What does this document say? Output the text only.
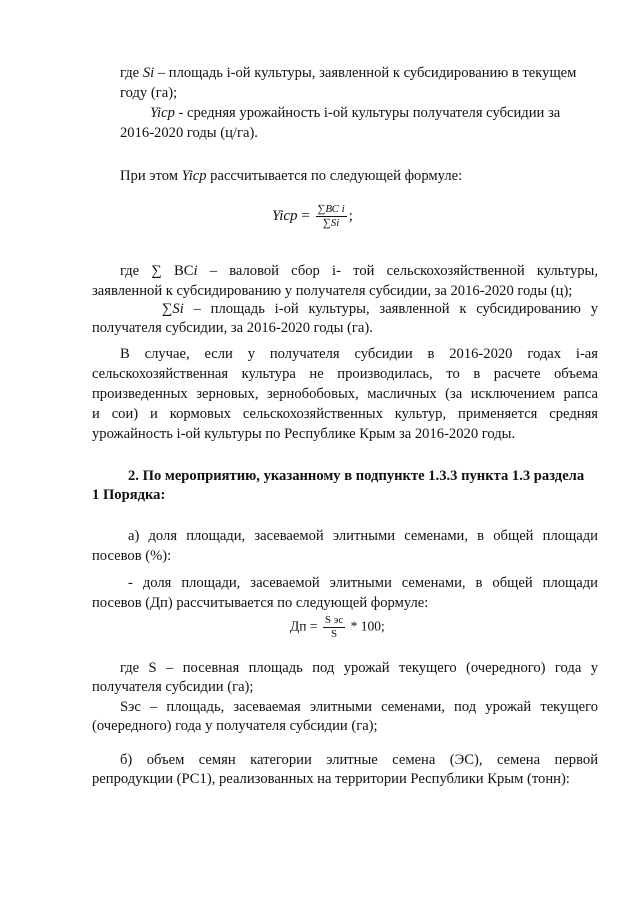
где Si – площадь i-ой культуры, заявленной к субсидированию в текущем
году (га);
Yicp - средняя урожайность i-ой культуры получателя субсидии за
2016-2020 годы (ц/га).
При этом Yicp рассчитывается по следующей формуле:
Yicp = $\frac{\text{∑ВС i}}{\sum Si}$ ;
где ∑ ВСi – валовой сбор i- той сельскохозяйственной культуры,
заявленной к субсидированию у получателя субсидии, за 2016-2020 годы (ц);
∑Si – площадь i-ой культуры, заявленной к субсидированию у
получателя субсидии, за 2016-2020 годы (га).
В случае, если у получателя субсидии в 2016-2020 годах i-ая
сельскохозяйственная культура не производилась, то в расчете объема
произведенных зерновых, зернобобовых, масличных (за исключением рапса
и сои) и кормовых сельскохозяйственных культур, применяется средняя
урожайность i-ой культуры по Республике Крым за 2016-2020 годы.
2. По мероприятию, указанному в подпункте 1.3.3 пункта 1.3 раздела
1 Порядка:
а) доля площади, засеваемой элитными семенами, в общей площади
посевов (%):
- доля площади, засеваемой элитными семенами, в общей площади
посевов (Дп) рассчитывается по следующей формуле:
Дп = $\frac{\text{S эс}}{S} * 100$;
где S – посевная площадь под урожай текущего (очередного) года у
получателя субсидии (га);
Sэс – площадь, засеваемая элитными семенами, под урожай текущего
(очередного) года у получателя субсидии (га);
б) объем семян категории элитные семена (ЭС), семена первой
репродукции (РС1), реализованных на территории Республики Крым (тонн):
